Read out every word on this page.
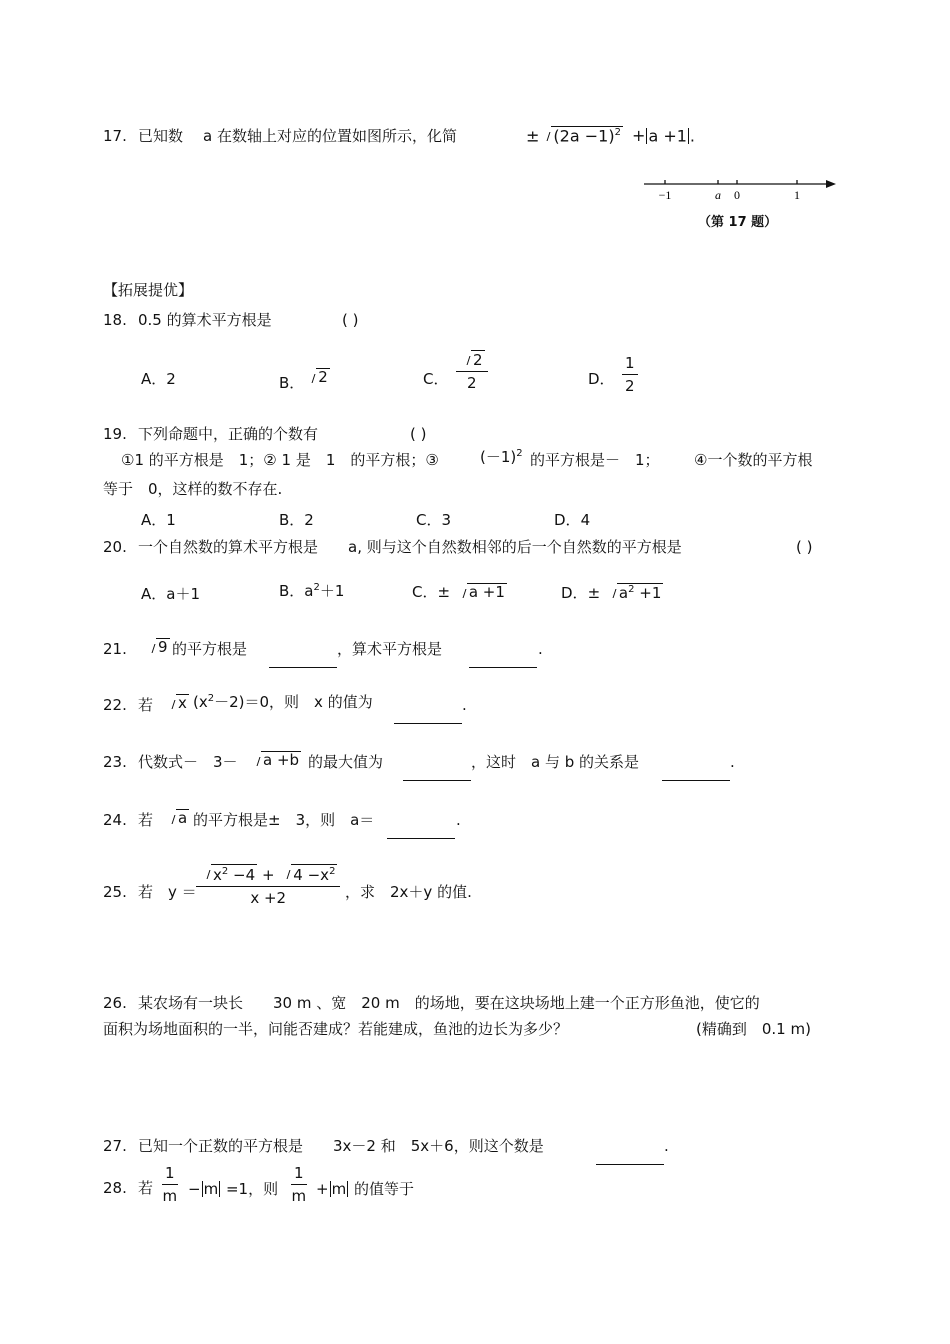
17. 已知数 a 在数轴上对应的位置如图所示，化简	± $(2a -1)^2 + a +1$ .
−1	a 0	1
（第 17 题）
【拓展提优】
18. 0.5 的算术平方根是	( )
A．2	B． 2	C． $\frac{2}{2}$	D． $\frac{1}{2}$
19. 下列命题中，正确的个数有	( )
①1 的平方根是　1；② 1 是　1　的平方根；③	$(-1)^2$ 的平方根是－　1； ④一个数的平方根
等于　0，这样的数不存在.
A．1	B．2	C．3	D．4
20. 一个自然数的算术平方根是　　a, 则与这个自然数相邻的后一个自然数的平方根是	( )
A．a＋1	B．$a^2+1$	C．± a +1	D．± $a^2 +1$
21.	9 的平方根是	，算术平方根是	.
22. 若	x $(x^2-2)=0$，则　x 的值为	.
23. 代数式－　3－	a +b 的最大值为	，这时　a 与 b 的关系是	.
24. 若	a 的平方根是±　3，则　a＝	.
25. 若　$y = \frac{x^2 -4 + 4 -x^2}{x +2}$ ，求　2x＋y 的值.
26. 某农场有一块长　　30 m 、宽　20 m　的场地，要在这块场地上建一个正方形鱼池，使它的
面积为场地面积的一半，问能否建成？若能建成，鱼池的边长为多少？	(精确到　0.1 m)
27. 已知一个正数的平方根是　　3x－2 和　5x＋6，则这个数是	.
28. 若 $\frac{1}{m} - m =1$，则 $\frac{1}{m} + m$ 的值等于
